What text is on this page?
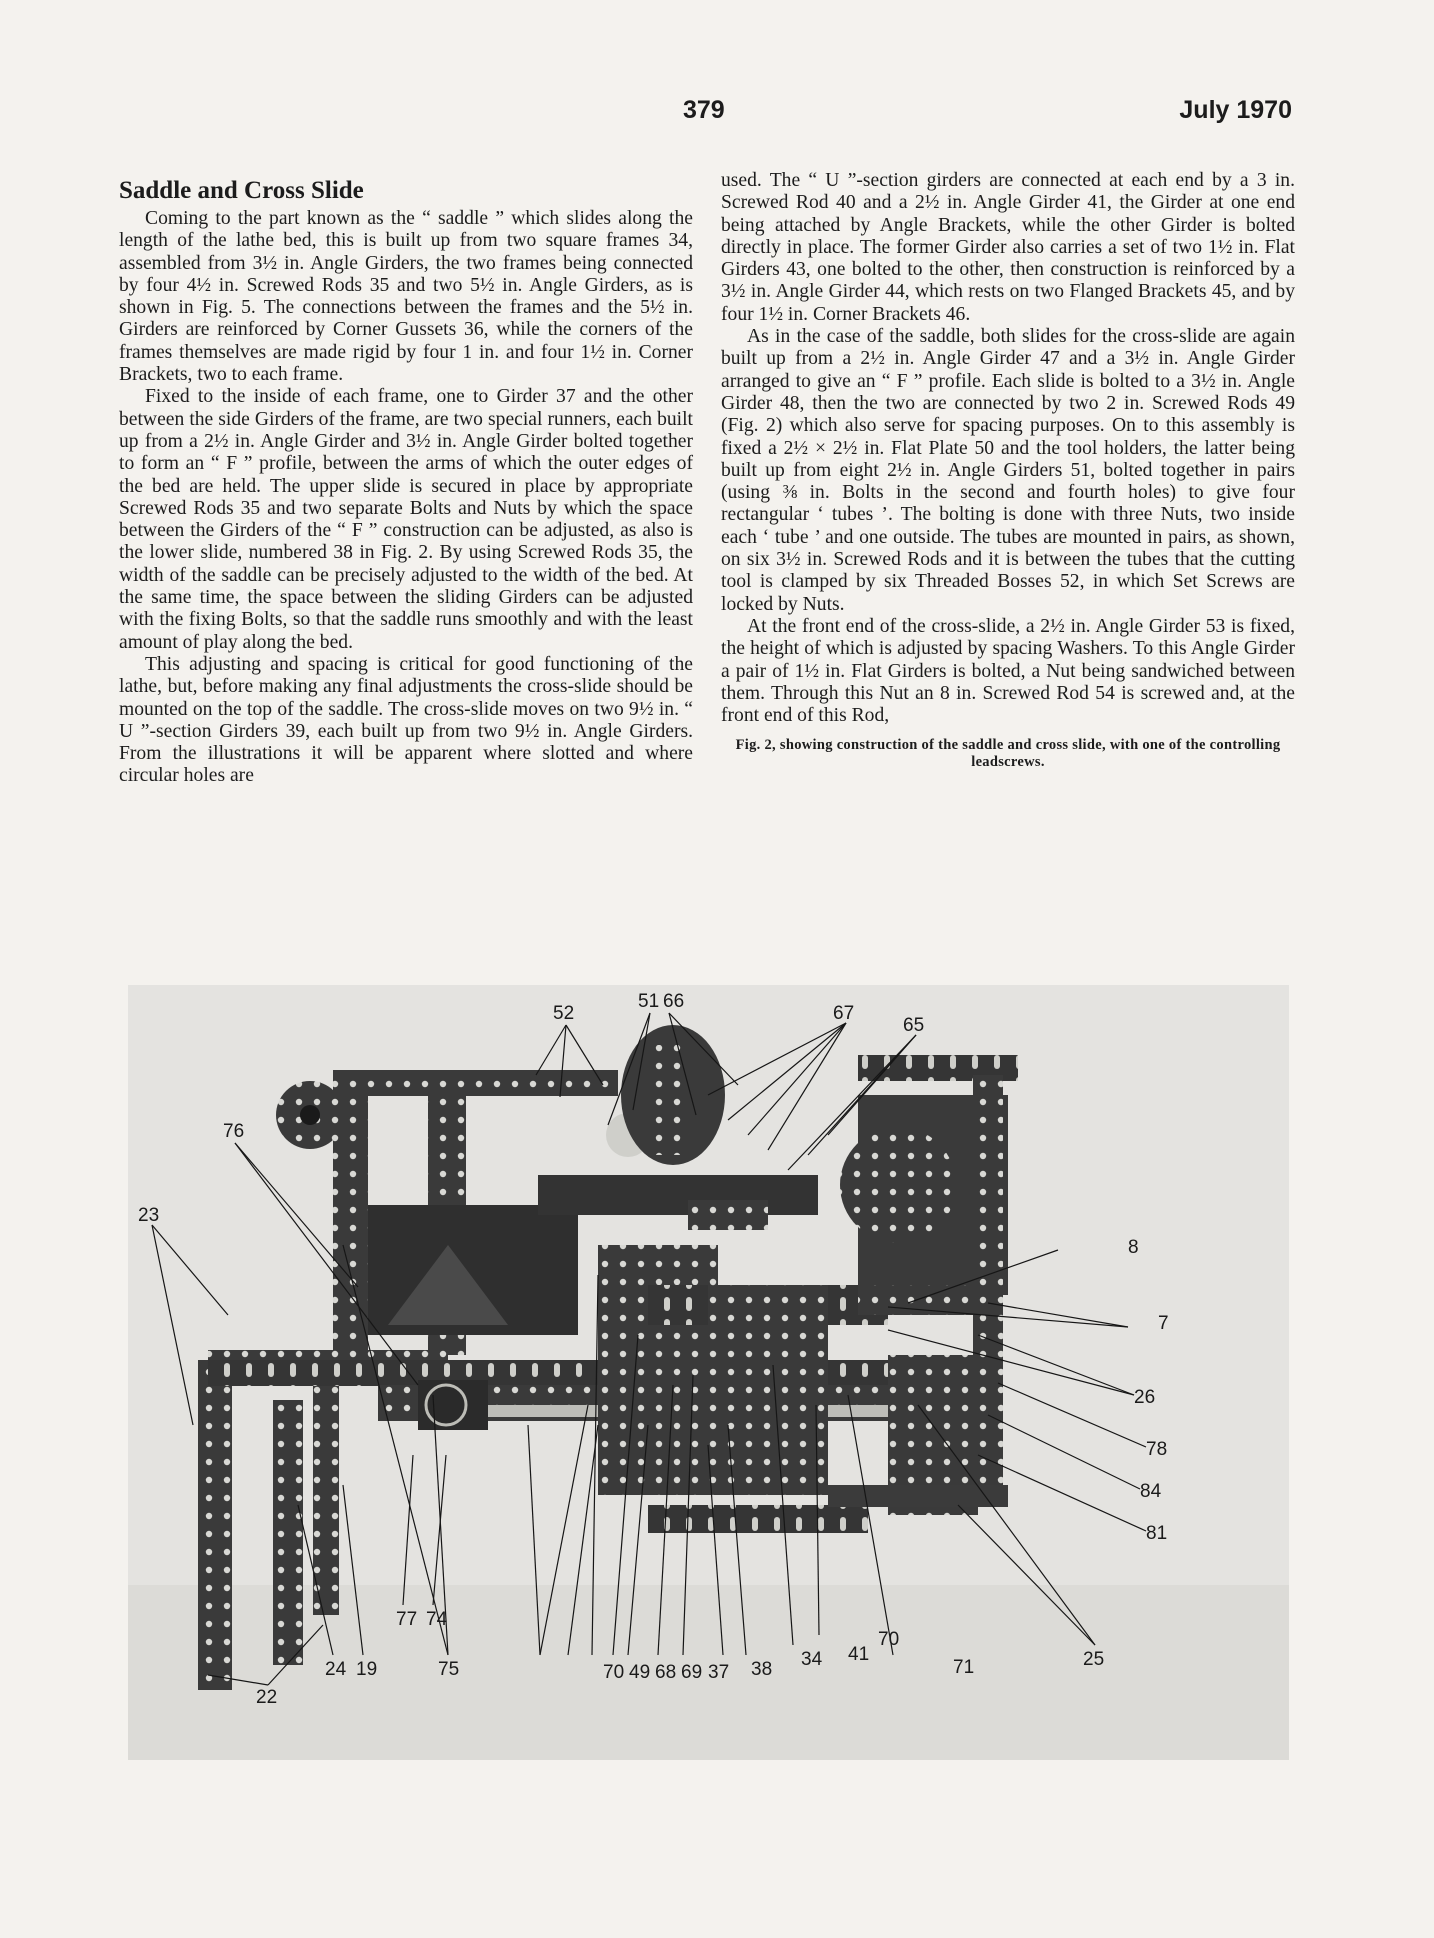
379	July 1970
Saddle and Cross Slide

Coming to the part known as the “ saddle ” which slides along the length of the lathe bed, this is built up from two square frames 34, assembled from 3½ in. Angle Girders, the two frames being connected by four 4½ in. Screwed Rods 35 and two 5½ in. Angle Girders, as is shown in Fig. 5. The connections between the frames and the 5½ in. Girders are reinforced by Corner Gussets 36, while the corners of the frames themselves are made rigid by four 1 in. and four 1½ in. Corner Brackets, two to each frame.

Fixed to the inside of each frame, one to Girder 37 and the other between the side Girders of the frame, are two special runners, each built up from a 2½ in. Angle Girder and 3½ in. Angle Girder bolted together to form an “ F ” profile, between the arms of which the outer edges of the bed are held. The upper slide is secured in place by appropriate Screwed Rods 35 and two separate Bolts and Nuts by which the space between the Girders of the “ F ” construction can be adjusted, as also is the lower slide, numbered 38 in Fig. 2. By using Screwed Rods 35, the width of the saddle can be precisely adjusted to the width of the bed. At the same time, the space between the sliding Girders can be adjusted with the fixing Bolts, so that the saddle runs smoothly and with the least amount of play along the bed.

This adjusting and spacing is critical for good functioning of the lathe, but, before making any final adjustments the cross-slide should be mounted on the top of the saddle. The cross-slide moves on two 9½ in. “ U ”-section Girders 39, each built up from two 9½ in. Angle Girders. From the illustrations it will be apparent where slotted and where circular holes are

used. The “ U ”-section girders are connected at each end by a 3 in. Screwed Rod 40 and a 2½ in. Angle Girder 41, the Girder at one end being attached by Angle Brackets, while the other Girder is bolted directly in place. The former Girder also carries a set of two 1½ in. Flat Girders 43, one bolted to the other, then construction is reinforced by a 3½ in. Angle Girder 44, which rests on two Flanged Brackets 45, and by four 1½ in. Corner Brackets 46.

As in the case of the saddle, both slides for the cross-slide are again built up from a 2½ in. Angle Girder 47 and a 3½ in. Angle Girder arranged to give an “ F ” profile. Each slide is bolted to a 3½ in. Angle Girder 48, then the two are connected by two 2 in. Screwed Rods 49 (Fig. 2) which also serve for spacing purposes. On to this assembly is fixed a 2½ × 2½ in. Flat Plate 50 and the tool holders, the latter being built up from eight 2½ in. Angle Girders 51, bolted together in pairs (using ⅜ in. Bolts in the second and fourth holes) to give four rectangular ‘ tubes ’. The bolting is done with three Nuts, two inside each ‘ tube ’ and one outside. The tubes are mounted in pairs, as shown, on six 3½ in. Screwed Rods and it is between the tubes that the cutting tool is clamped by six Threaded Bosses 52, in which Set Screws are locked by Nuts.

At the front end of the cross-slide, a 2½ in. Angle Girder 53 is fixed, the height of which is adjusted by spacing Washers. To this Angle Girder a pair of 1½ in. Flat Girders is bolted, a Nut being sandwiched between them. Through this Nut an 8 in. Screwed Rod 54 is screwed and, at the front end of this Rod,

Fig. 2, showing construction of the saddle and cross slide, with one of the controlling leadscrews.
52
51 66
67
65
76
23
8
7
26
78
84
81
25
77 74
24 19	75	70 49 68 69 37 38 34 41
70
71
22
